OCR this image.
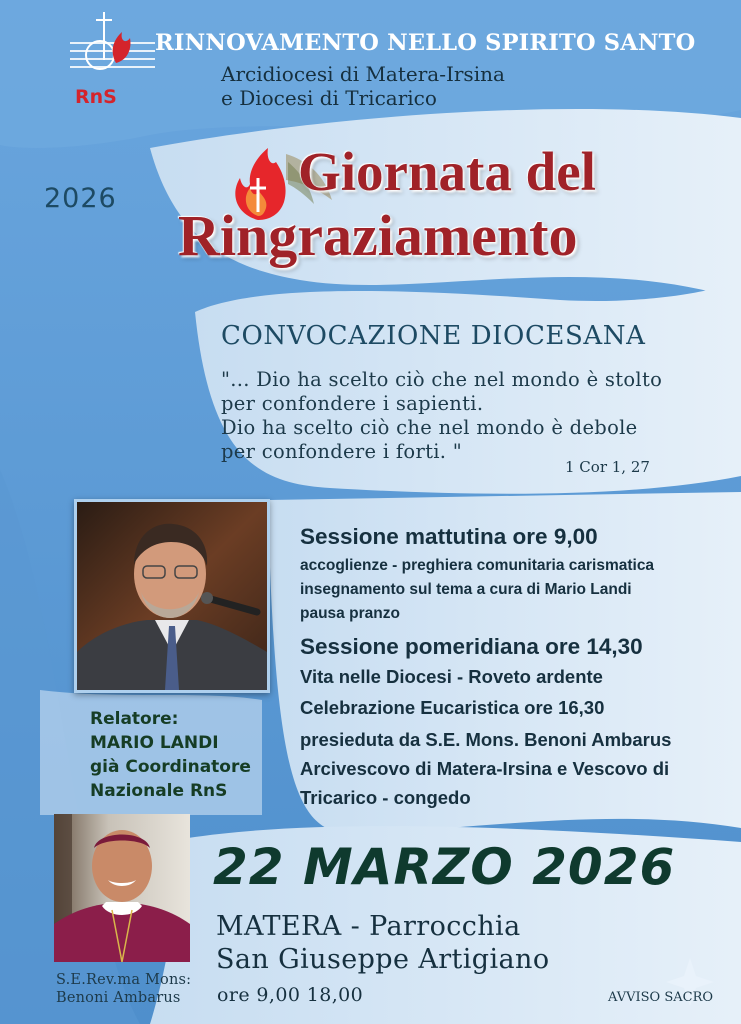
RnS

RINNOVAMENTO NELLO SPIRITO SANTO

Arcidiocesi di Matera-Irsina

e Diocesi di Tricarico

2026	Giornata del
Ringraziamento

CONVOCAZIONE DIOCESANA

"... Dio ha scelto ciò che nel mondo è stolto

per confondere i sapienti.

Dio ha scelto ciò che nel mondo è debole

per confondere i forti. "

1 Cor 1, 27

Sessione mattutina ore 9,00

accoglienze - preghiera comunitaria carismatica

insegnamento sul tema a cura di Mario Landi

pausa pranzo

Sessione pomeridiana ore 14,30

Vita nelle Diocesi - Roveto ardente

Celebrazione Eucaristica ore 16,30

presieduta da S.E. Mons. Benoni Ambarus

Arcivescovo di Matera-Irsina e Vescovo di

Tricarico - congedo

Relatore:

MARIO LANDI

già Coordinatore

Nazionale RnS

22 MARZO 2026

MATERA - Parrocchia

San Giuseppe Artigiano

ore 9,00 18,00

S.E.Rev.ma Mons:

Benoni Ambarus	AVVISO SACRO
